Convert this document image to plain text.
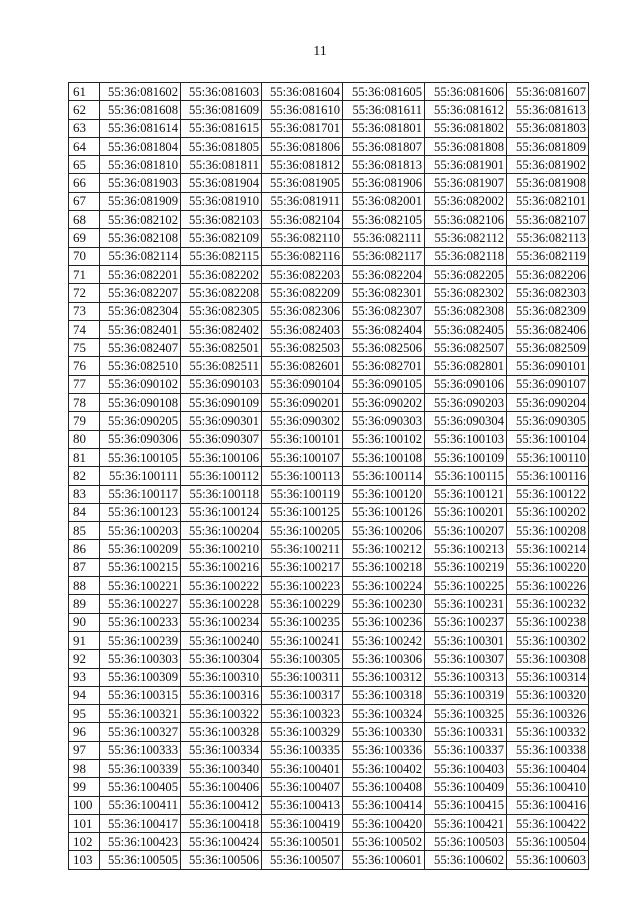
11
61	55:36:081602	55:36:081603	55:36:081604	55:36:081605	55:36:081606	55:36:081607
62	55:36:081608	55:36:081609	55:36:081610	55:36:081611	55:36:081612	55:36:081613
63	55:36:081614	55:36:081615	55:36:081701	55:36:081801	55:36:081802	55:36:081803
64	55:36:081804	55:36:081805	55:36:081806	55:36:081807	55:36:081808	55:36:081809
65	55:36:081810	55:36:081811	55:36:081812	55:36:081813	55:36:081901	55:36:081902
66	55:36:081903	55:36:081904	55:36:081905	55:36:081906	55:36:081907	55:36:081908
67	55:36:081909	55:36:081910	55:36:081911	55:36:082001	55:36:082002	55:36:082101
68	55:36:082102	55:36:082103	55:36:082104	55:36:082105	55:36:082106	55:36:082107
69	55:36:082108	55:36:082109	55:36:082110	55:36:082111	55:36:082112	55:36:082113
70	55:36:082114	55:36:082115	55:36:082116	55:36:082117	55:36:082118	55:36:082119
71	55:36:082201	55:36:082202	55:36:082203	55:36:082204	55:36:082205	55:36:082206
72	55:36:082207	55:36:082208	55:36:082209	55:36:082301	55:36:082302	55:36:082303
73	55:36:082304	55:36:082305	55:36:082306	55:36:082307	55:36:082308	55:36:082309
74	55:36:082401	55:36:082402	55:36:082403	55:36:082404	55:36:082405	55:36:082406
75	55:36:082407	55:36:082501	55:36:082503	55:36:082506	55:36:082507	55:36:082509
76	55:36:082510	55:36:082511	55:36:082601	55:36:082701	55:36:082801	55:36:090101
77	55:36:090102	55:36:090103	55:36:090104	55:36:090105	55:36:090106	55:36:090107
78	55:36:090108	55:36:090109	55:36:090201	55:36:090202	55:36:090203	55:36:090204
79	55:36:090205	55:36:090301	55:36:090302	55:36:090303	55:36:090304	55:36:090305
80	55:36:090306	55:36:090307	55:36:100101	55:36:100102	55:36:100103	55:36:100104
81	55:36:100105	55:36:100106	55:36:100107	55:36:100108	55:36:100109	55:36:100110
82	55:36:100111	55:36:100112	55:36:100113	55:36:100114	55:36:100115	55:36:100116
83	55:36:100117	55:36:100118	55:36:100119	55:36:100120	55:36:100121	55:36:100122
84	55:36:100123	55:36:100124	55:36:100125	55:36:100126	55:36:100201	55:36:100202
85	55:36:100203	55:36:100204	55:36:100205	55:36:100206	55:36:100207	55:36:100208
86	55:36:100209	55:36:100210	55:36:100211	55:36:100212	55:36:100213	55:36:100214
87	55:36:100215	55:36:100216	55:36:100217	55:36:100218	55:36:100219	55:36:100220
88	55:36:100221	55:36:100222	55:36:100223	55:36:100224	55:36:100225	55:36:100226
89	55:36:100227	55:36:100228	55:36:100229	55:36:100230	55:36:100231	55:36:100232
90	55:36:100233	55:36:100234	55:36:100235	55:36:100236	55:36:100237	55:36:100238
91	55:36:100239	55:36:100240	55:36:100241	55:36:100242	55:36:100301	55:36:100302
92	55:36:100303	55:36:100304	55:36:100305	55:36:100306	55:36:100307	55:36:100308
93	55:36:100309	55:36:100310	55:36:100311	55:36:100312	55:36:100313	55:36:100314
94	55:36:100315	55:36:100316	55:36:100317	55:36:100318	55:36:100319	55:36:100320
95	55:36:100321	55:36:100322	55:36:100323	55:36:100324	55:36:100325	55:36:100326
96	55:36:100327	55:36:100328	55:36:100329	55:36:100330	55:36:100331	55:36:100332
97	55:36:100333	55:36:100334	55:36:100335	55:36:100336	55:36:100337	55:36:100338
98	55:36:100339	55:36:100340	55:36:100401	55:36:100402	55:36:100403	55:36:100404
99	55:36:100405	55:36:100406	55:36:100407	55:36:100408	55:36:100409	55:36:100410
100	55:36:100411	55:36:100412	55:36:100413	55:36:100414	55:36:100415	55:36:100416
101	55:36:100417	55:36:100418	55:36:100419	55:36:100420	55:36:100421	55:36:100422
102	55:36:100423	55:36:100424	55:36:100501	55:36:100502	55:36:100503	55:36:100504
103	55:36:100505	55:36:100506	55:36:100507	55:36:100601	55:36:100602	55:36:100603
